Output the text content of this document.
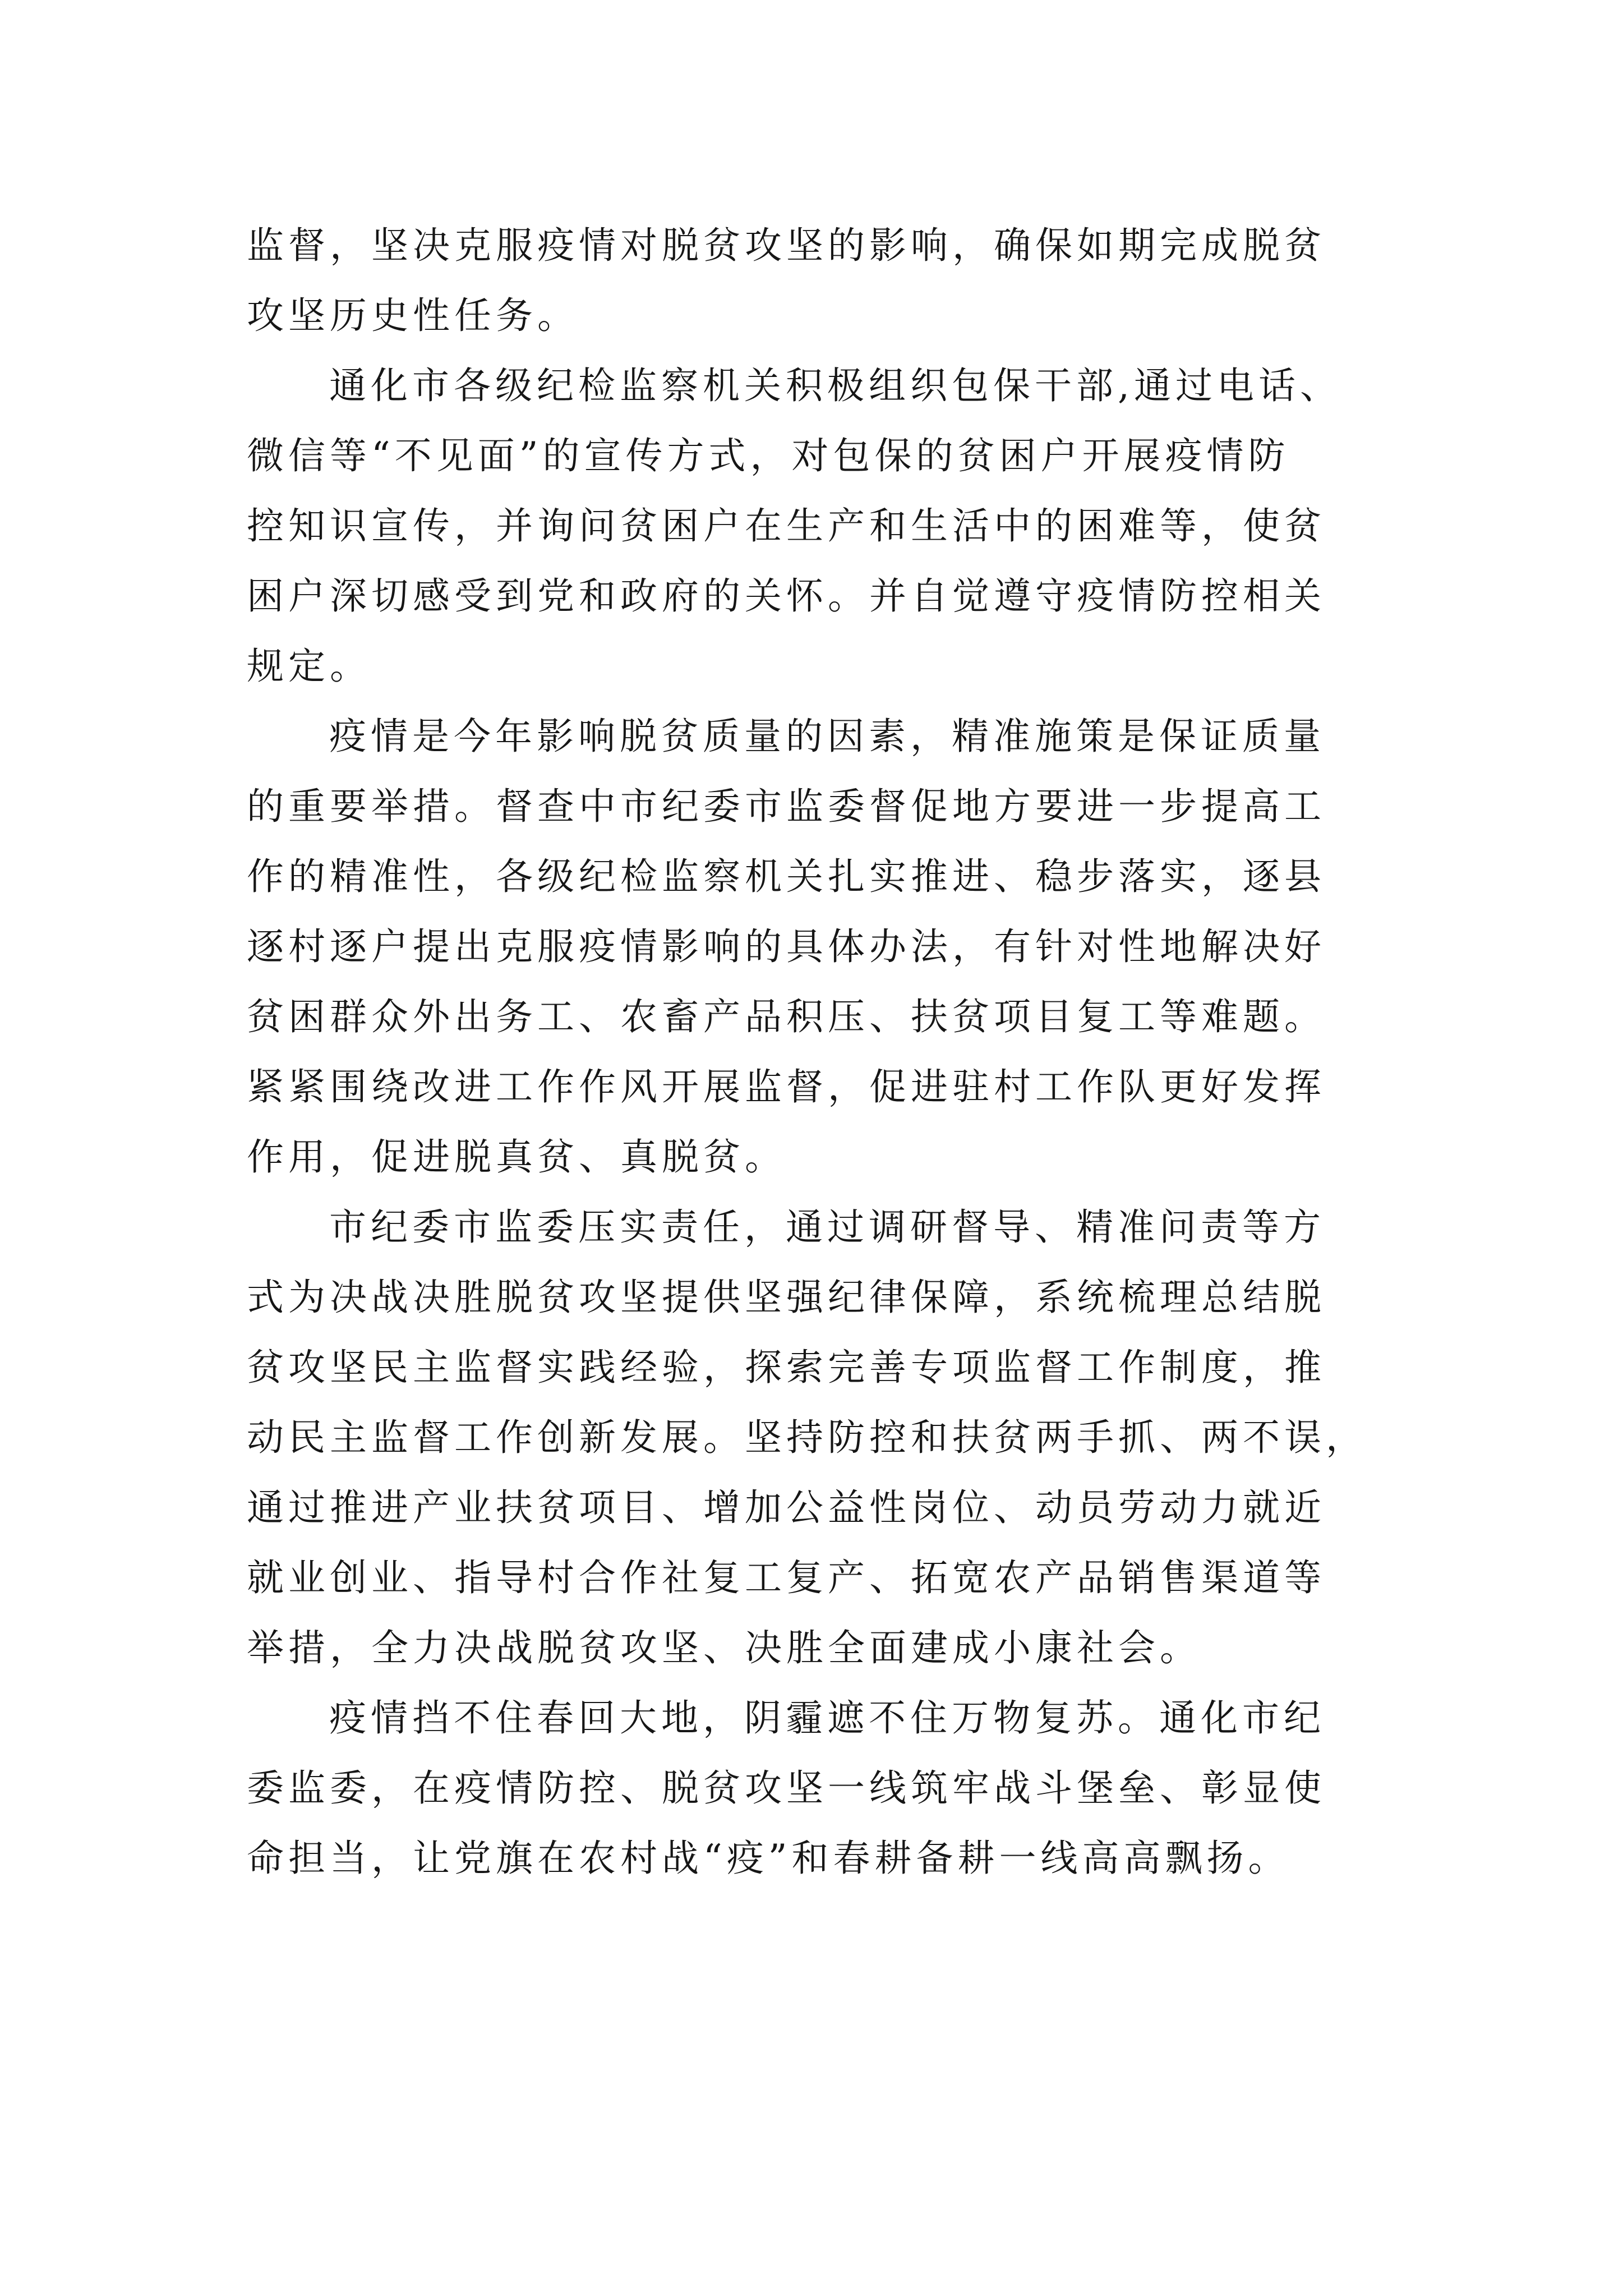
监督，坚决克服疫情对脱贫攻坚的影响，确保如期完成脱贫
攻坚历史性任务。
通化市各级纪检监察机关积极组织包保干部,通过电话、
微信等“不见面”的宣传方式，对包保的贫困户开展疫情防
控知识宣传，并询问贫困户在生产和生活中的困难等，使贫
困户深切感受到党和政府的关怀。并自觉遵守疫情防控相关
规定。
疫情是今年影响脱贫质量的因素，精准施策是保证质量
的重要举措。督查中市纪委市监委督促地方要进一步提高工
作的精准性，各级纪检监察机关扎实推进、稳步落实，逐县
逐村逐户提出克服疫情影响的具体办法，有针对性地解决好
贫困群众外出务工、农畜产品积压、扶贫项目复工等难题。
紧紧围绕改进工作作风开展监督，促进驻村工作队更好发挥
作用，促进脱真贫、真脱贫。
市纪委市监委压实责任，通过调研督导、精准问责等方
式为决战决胜脱贫攻坚提供坚强纪律保障，系统梳理总结脱
贫攻坚民主监督实践经验，探索完善专项监督工作制度，推
动民主监督工作创新发展。坚持防控和扶贫两手抓、两不误，
通过推进产业扶贫项目、增加公益性岗位、动员劳动力就近
就业创业、指导村合作社复工复产、拓宽农产品销售渠道等
举措，全力决战脱贫攻坚、决胜全面建成小康社会。
疫情挡不住春回大地，阴霾遮不住万物复苏。通化市纪
委监委，在疫情防控、脱贫攻坚一线筑牢战斗堡垒、彰显使
命担当，让党旗在农村战“疫”和春耕备耕一线高高飘扬。
